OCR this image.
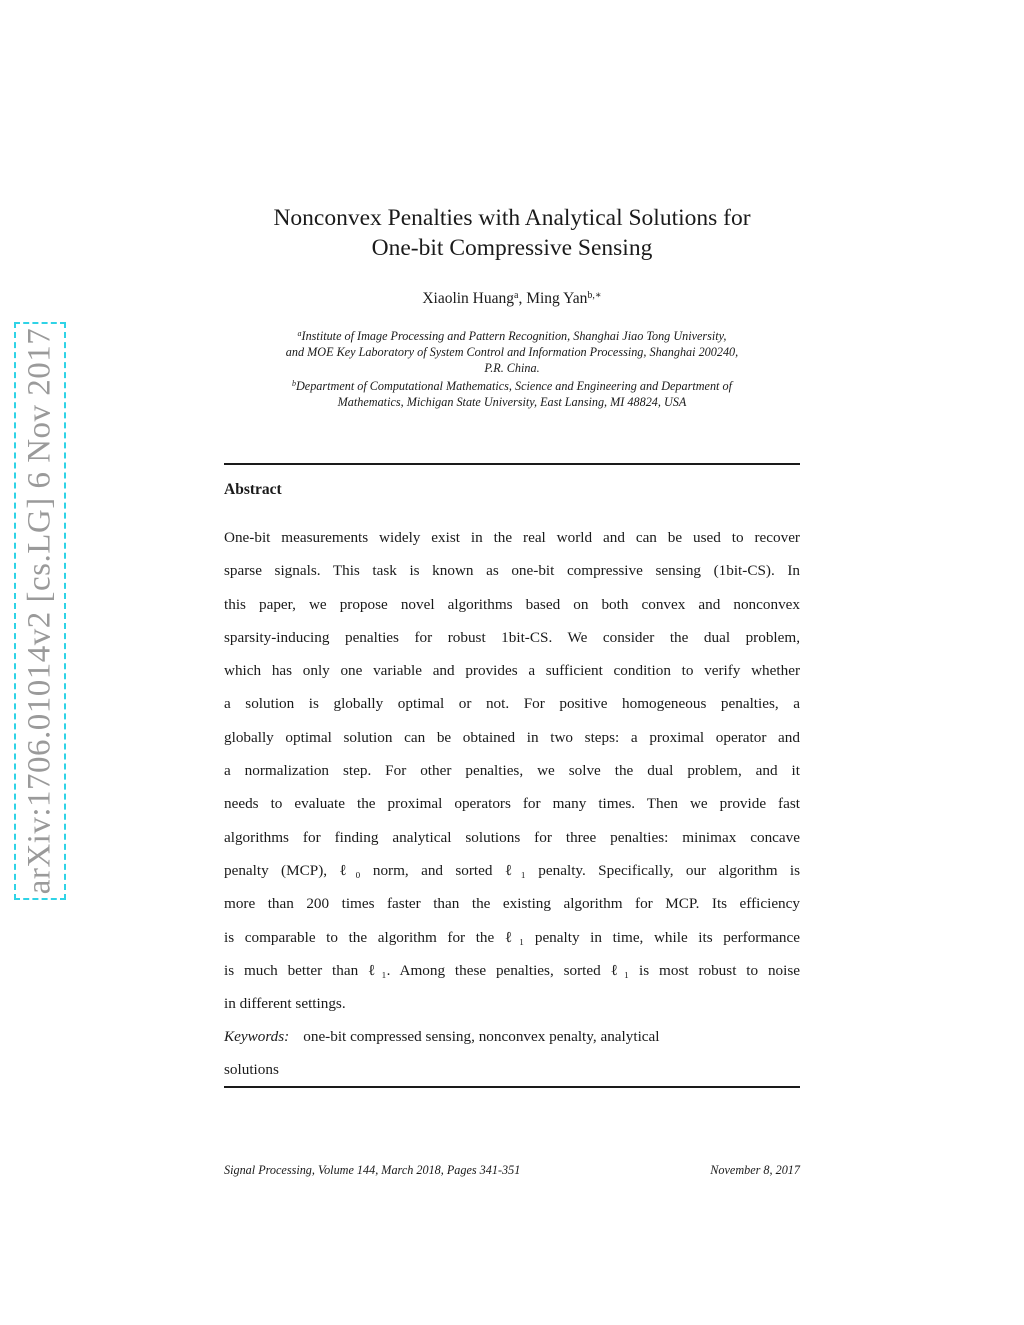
arXiv:1706.01014v2 [cs.LG] 6 Nov 2017
Nonconvex Penalties with Analytical Solutions for
One-bit Compressive Sensing
Xiaolin Huang$^a$, Ming Yan$^{b,∗}$
$^a$Institute of Image Processing and Pattern Recognition, Shanghai Jiao Tong University,
and MOE Key Laboratory of System Control and Information Processing, Shanghai 200240,
P.R. China.
$^b$Department of Computational Mathematics, Science and Engineering and Department of
Mathematics, Michigan State University, East Lansing, MI 48824, USA
Abstract
One-bit measurements widely exist in the real world and can be used to recover
sparse signals. This task is known as one-bit compressive sensing (1bit-CS). In
this paper, we propose novel algorithms based on both convex and nonconvex
sparsity-inducing penalties for robust 1bit-CS. We consider the dual problem,
which has only one variable and provides a sufficient condition to verify whether
a solution is globally optimal or not. For positive homogeneous penalties, a
globally optimal solution can be obtained in two steps: a proximal operator and
a normalization step. For other penalties, we solve the dual problem, and it
needs to evaluate the proximal operators for many times. Then we provide fast
algorithms for finding analytical solutions for three penalties: minimax concave
penalty (MCP), ℓ₀ norm, and sorted ℓ₁ penalty. Specifically, our algorithm is
more than 200 times faster than the existing algorithm for MCP. Its efficiency
is comparable to the algorithm for the ℓ₁ penalty in time, while its performance
is much better than ℓ₁. Among these penalties, sorted ℓ₁ is most robust to noise
in different settings.
Keywords: one-bit compressed sensing, nonconvex penalty, analytical
solutions
Signal Processing, Volume 144, March 2018, Pages 341-351	November 8, 2017
